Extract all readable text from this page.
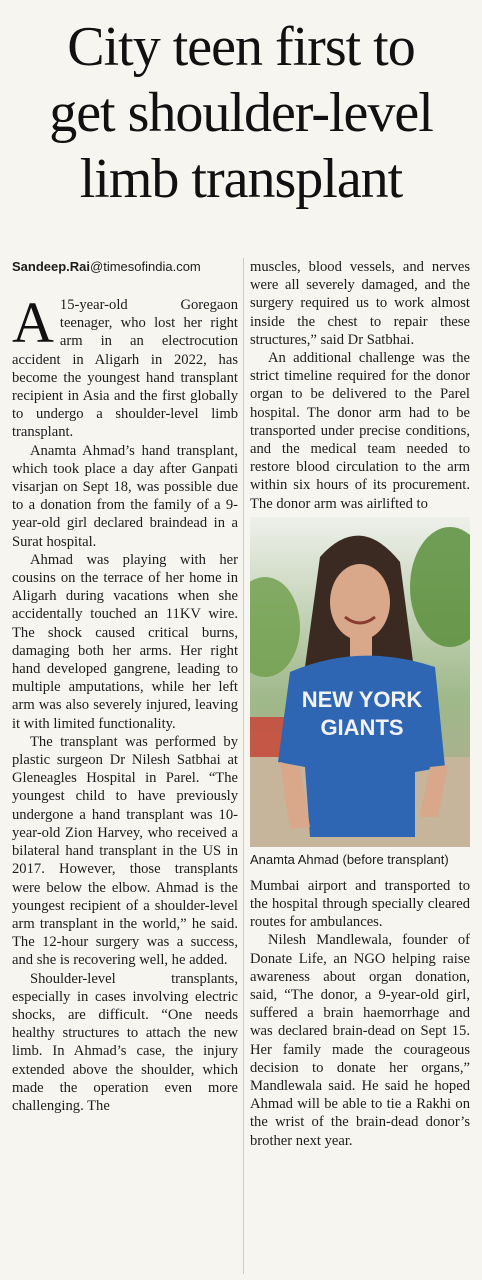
City teen first to
get shoulder-level
limb transplant
Sandeep.Rai@timesofindia.com

A 15-year-old Goregaon teenager, who lost her right arm in an electrocution accident in Aligarh in 2022, has become the youngest hand transplant recipient in Asia and the first globally to undergo a shoulder-level limb transplant.

Anamta Ahmad’s hand transplant, which took place a day after Ganpati visarjan on Sept 18, was possible due to a donation from the family of a 9-year-old girl declared braindead in a Surat hospital.

Ahmad was playing with her cousins on the terrace of her home in Aligarh during vacations when she accidentally touched an 11KV wire. The shock caused critical burns, damaging both her arms. Her right hand developed gangrene, leading to multiple amputations, while her left arm was also severely injured, leaving it with limited functionality.

The transplant was performed by plastic surgeon Dr Nilesh Satbhai at Gleneagles Hospital in Parel. “The youngest child to have previously undergone a hand transplant was 10-year-old Zion Harvey, who received a bilateral hand transplant in the US in 2017. However, those transplants were below the elbow. Ahmad is the youngest recipient of a shoulder-level arm transplant in the world,” he said. The 12-hour surgery was a success, and she is recovering well, he added.

Shoulder-level transplants, especially in cases involving electric shocks, are difficult. “One needs healthy structures to attach the new limb. In Ahmad’s case, the injury extended above the shoulder, which made the operation even more challenging. The

muscles, blood vessels, and nerves were all severely damaged, and the surgery required us to work almost inside the chest to repair these structures,” said Dr Satbhai.

An additional challenge was the strict timeline required for the donor organ to be delivered to the Parel hospital. The donor arm had to be transported under precise conditions, and the medical team needed to restore blood circulation to the arm within six hours of its procurement. The donor arm was airlifted to

NEW YORK
GIANTS
Anamta Ahmad (before transplant)

Mumbai airport and transported to the hospital through specially cleared routes for ambulances.

Nilesh Mandlewala, founder of Donate Life, an NGO helping raise awareness about organ donation, said, “The donor, a 9-year-old girl, suffered a brain haemorrhage and was declared brain-dead on Sept 15. Her family made the courageous decision to donate her organs,” Mandlewala said. He said he hoped Ahmad will be able to tie a Rakhi on the wrist of the brain-dead donor’s brother next year.
